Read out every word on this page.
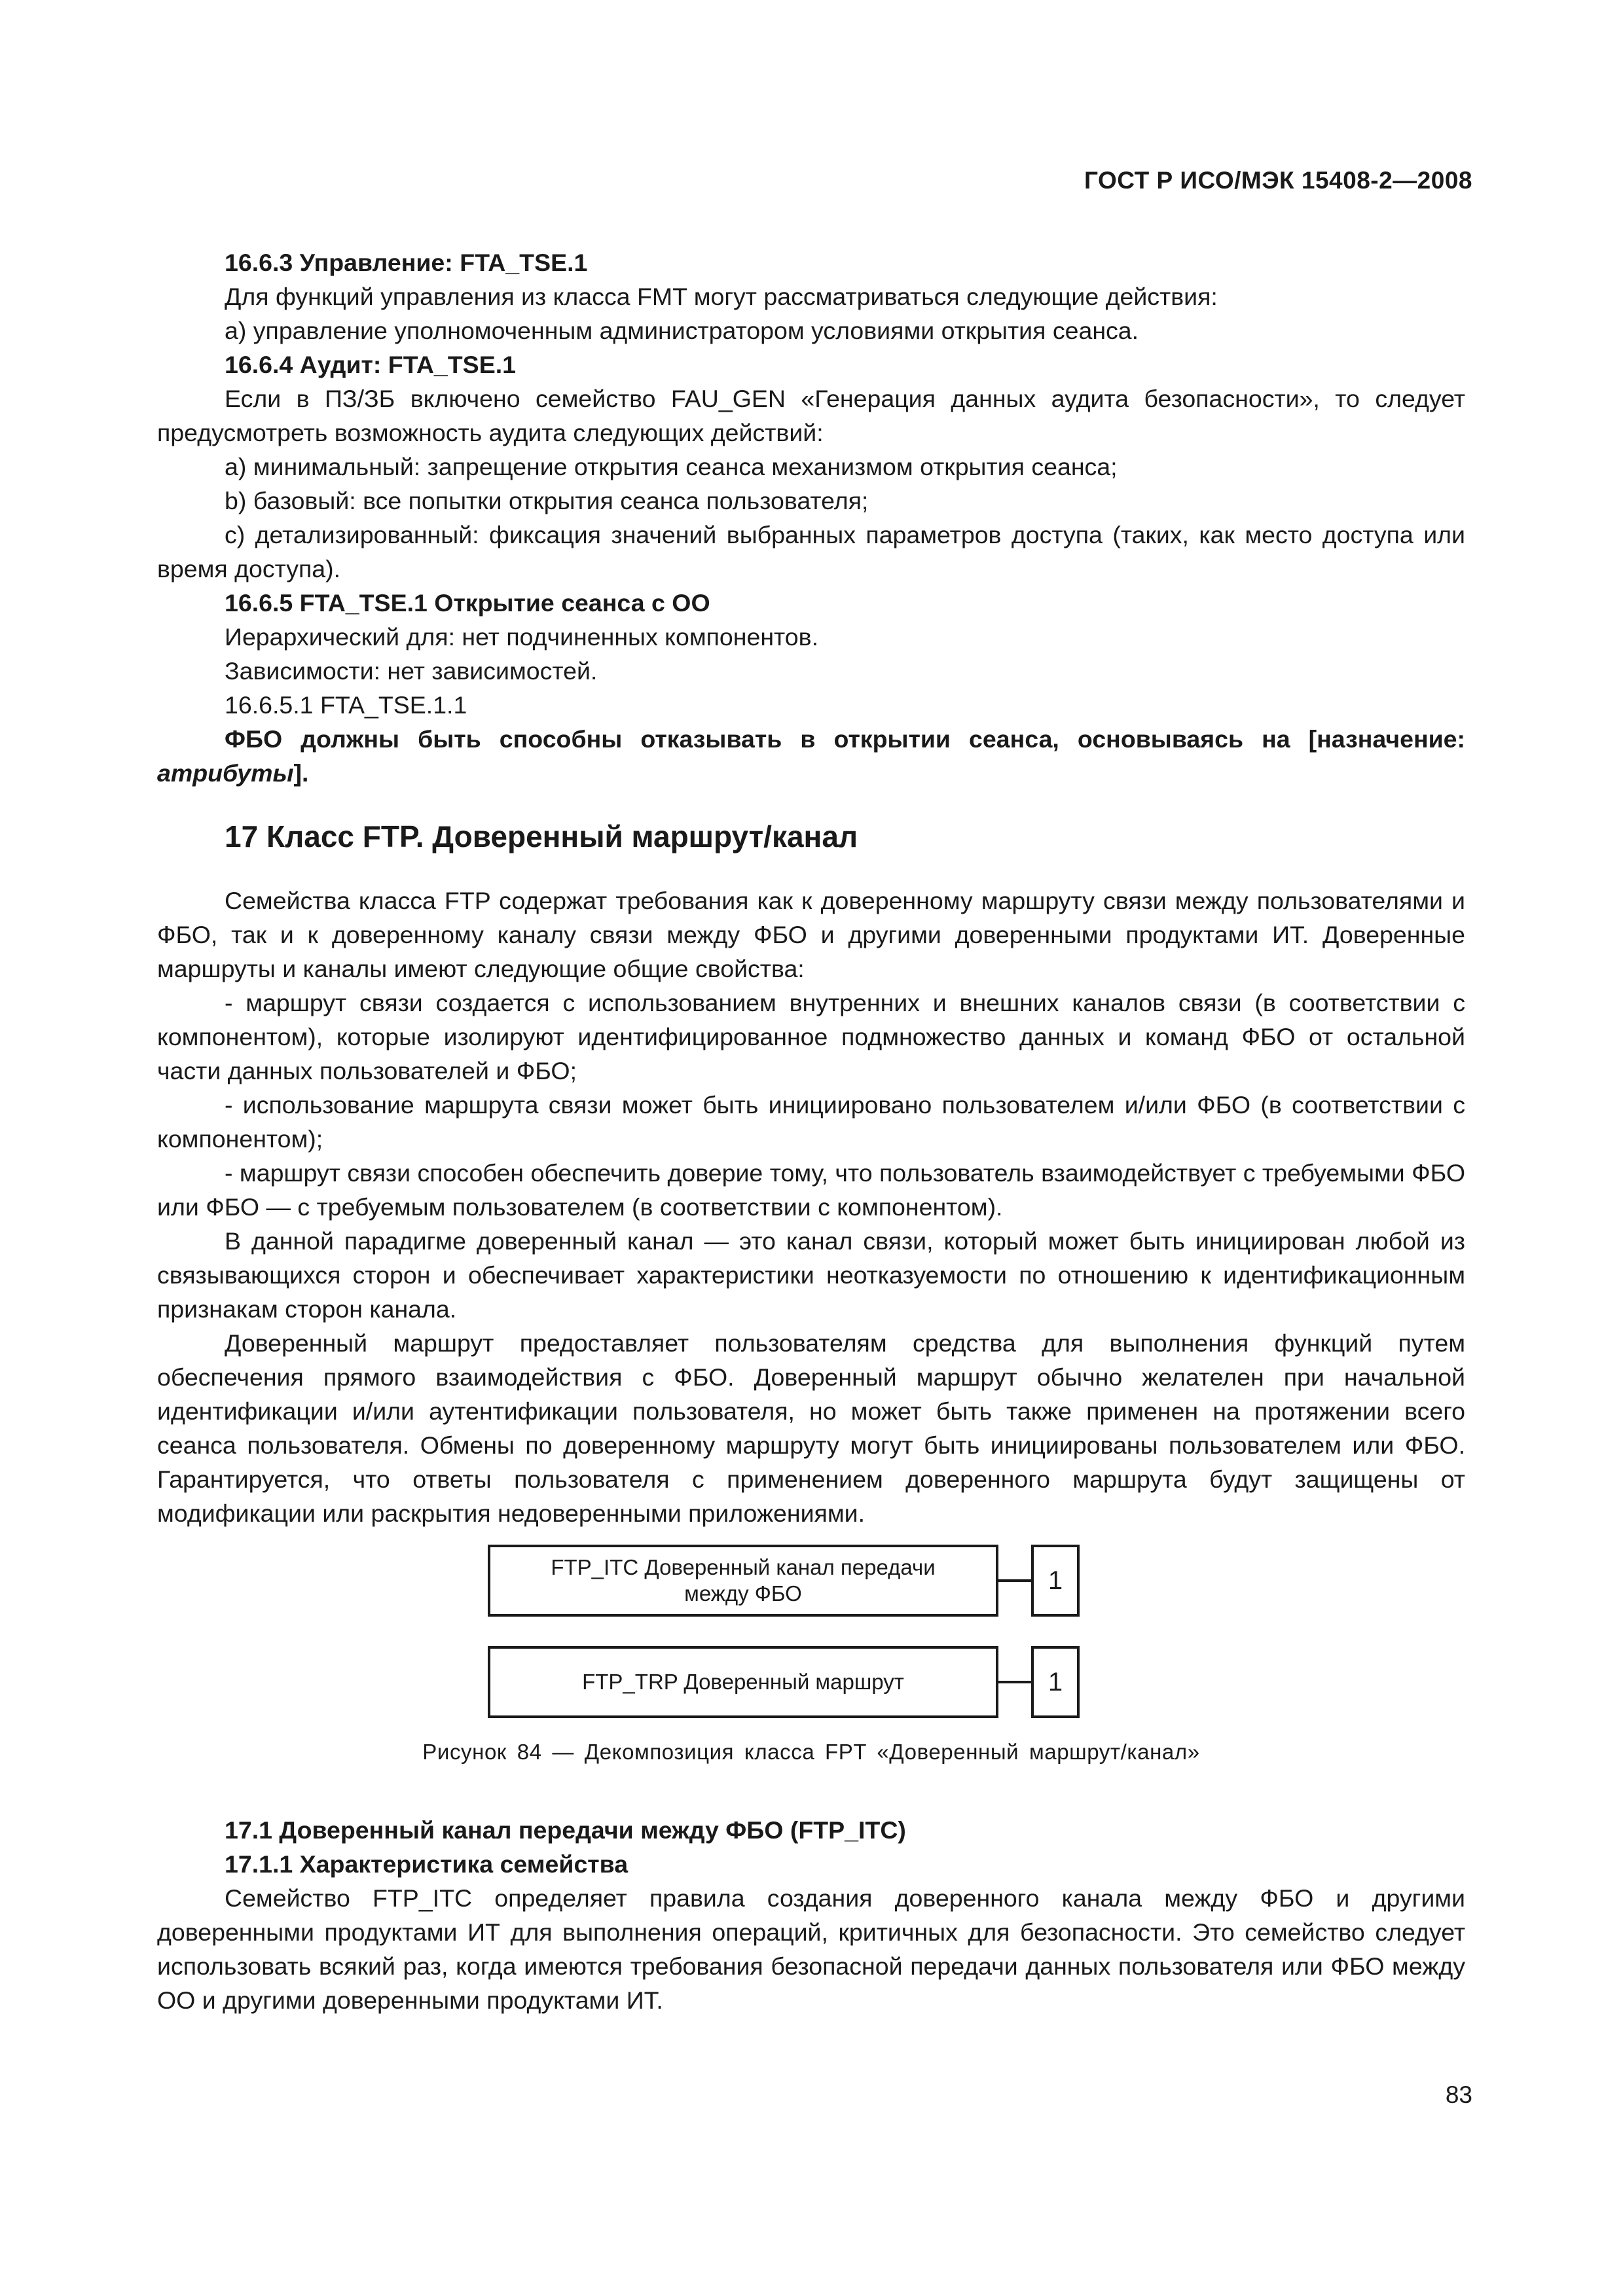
ГОСТ Р ИСО/МЭК 15408-2—2008

16.6.3 Управление: FTA_TSE.1

Для функций управления из класса FMT могут рассматриваться следующие действия:

a) управление уполномоченным администратором условиями открытия сеанса.

16.6.4 Аудит: FTA_TSE.1

Если в ПЗ/ЗБ включено семейство FAU_GEN «Генерация данных аудита безопасности», то следует предусмотреть возможность аудита следующих действий:

a) минимальный: запрещение открытия сеанса механизмом открытия сеанса;

b) базовый: все попытки открытия сеанса пользователя;

c) детализированный: фиксация значений выбранных параметров доступа (таких, как место доступа или время доступа).

16.6.5 FTA_TSE.1 Открытие сеанса с ОО

Иерархический для: нет подчиненных компонентов.

Зависимости: нет зависимостей.

16.6.5.1 FTA_TSE.1.1

ФБО должны быть способны отказывать в открытии сеанса, основываясь на [назначение: атрибуты].

17 Класс FTP. Доверенный маршрут/канал

Семейства класса FTP содержат требования как к доверенному маршруту связи между пользователями и ФБО, так и к доверенному каналу связи между ФБО и другими доверенными продуктами ИТ. Доверенные маршруты и каналы имеют следующие общие свойства:

- маршрут связи создается с использованием внутренних и внешних каналов связи (в соответствии с компонентом), которые изолируют идентифицированное подмножество данных и команд ФБО от остальной части данных пользователей и ФБО;

- использование маршрута связи может быть инициировано пользователем и/или ФБО (в соответствии с компонентом);

- маршрут связи способен обеспечить доверие тому, что пользователь взаимодействует с требуемыми ФБО или ФБО — с требуемым пользователем (в соответствии с компонентом).

В данной парадигме доверенный канал — это канал связи, который может быть инициирован любой из связывающихся сторон и обеспечивает характеристики неотказуемости по отношению к идентификационным признакам сторон канала.

Доверенный маршрут предоставляет пользователям средства для выполнения функций путем обеспечения прямого взаимодействия с ФБО. Доверенный маршрут обычно желателен при начальной идентификации и/или аутентификации пользователя, но может быть также применен на протяжении всего сеанса пользователя. Обмены по доверенному маршруту могут быть инициированы пользователем или ФБО. Гарантируется, что ответы пользователя с применением доверенного маршрута будут защищены от модификации или раскрытия недоверенными приложениями.

FTP_ITC Доверенный канал передачи
между ФБО	1
FTP_TRP Доверенный маршрут	1
Рисунок 84 — Декомпозиция класса FPT «Доверенный маршрут/канал»

17.1 Доверенный канал передачи между ФБО (FTP_ITC)

17.1.1 Характеристика семейства

Семейство FTP_ITC определяет правила создания доверенного канала между ФБО и другими доверенными продуктами ИТ для выполнения операций, критичных для безопасности. Это семейство следует использовать всякий раз, когда имеются требования безопасной передачи данных пользователя или ФБО между ОО и другими доверенными продуктами ИТ.

83
